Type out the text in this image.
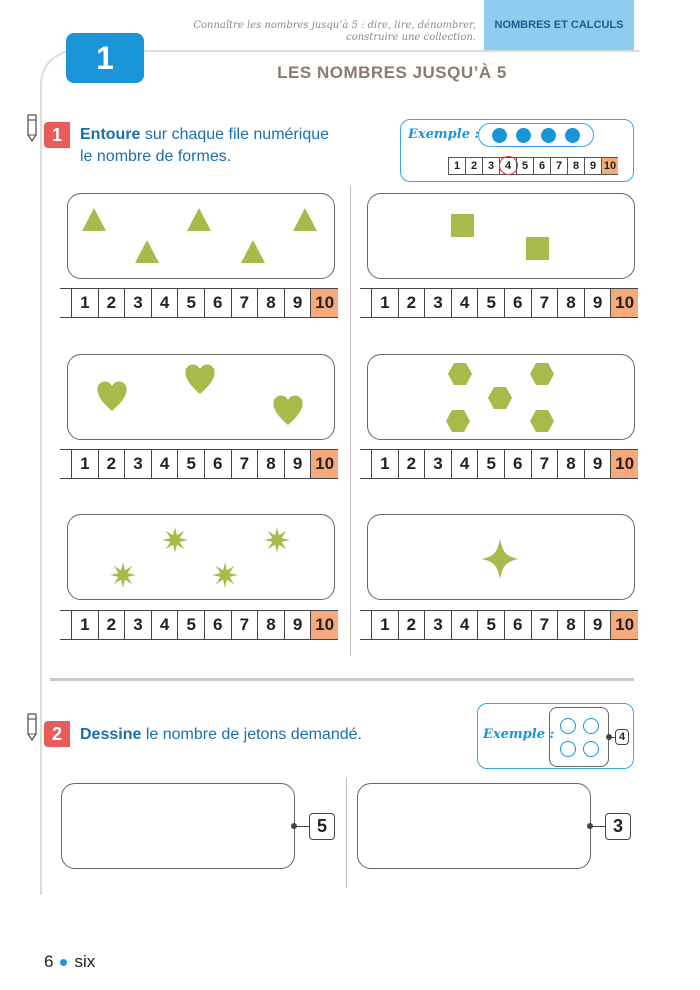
Connaître les nombres jusqu’à 5 : dire, lire, dénombrer,
construire une collection.
NOMBRES ET CALCULS
1	LES NOMBRES JUSQU’À 5
1	Entoure sur chaque file numérique
le nombre de formes.
Exemple :
1 2 3 4 5 6 7 8 9 10
1	2	3	4	5	6	7	8	9 10	1	2	3	4	5	6	7	8	9 10
1	2	3	4	5	6	7	8	9 10	1	2	3	4	5	6	7	8	9 10
1	2	3	4	5	6	7	8	9 10	1	2	3	4	5	6	7	8	9 10
2	Dessine le nombre de jetons demandé.	Exemple :	4
5	3
6 six
